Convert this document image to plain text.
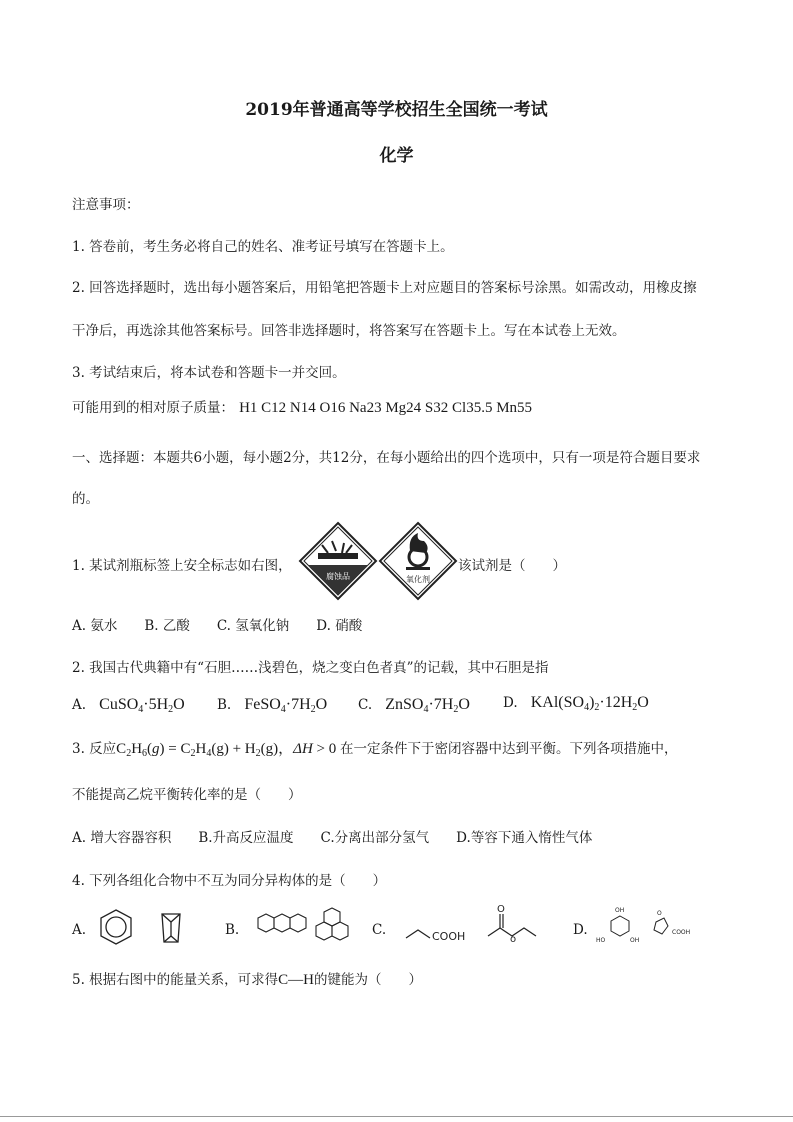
2019年普通高等学校招生全国统一考试
化学
注意事项：
1. 答卷前，考生务必将自己的姓名、准考证号填写在答题卡上。
2. 回答选择题时，选出每小题答案后，用铅笔把答题卡上对应题目的答案标号涂黑。如需改动，用橡皮擦
干净后，再选涂其他答案标号。回答非选择题时，将答案写在答题卡上。写在本试卷上无效。
3. 考试结束后，将本试卷和答题卡一并交回。
可能用到的相对原子质量： H1 C12 N14 O16 Na23 Mg24 S32 Cl35.5 Mn55
一、选择题：本题共6小题，每小题2分，共12分，在每小题给出的四个选项中，只有一项是符合题目要求
的。
1. 某试剂瓶标签上安全标志如右图，
腐蚀品	氧化剂
该试剂是（　　）
A. 氨水　　B. 乙酸　　C. 氢氧化钠　　D. 硝酸
2. 我国古代典籍中有“石胆……浅碧色，烧之变白色者真”的记载，其中石胆是指
A. $CuSO_4\cdot 5H_2O$ B. $FeSO_4\cdot 7H_2O$ C. $ZnSO_4\cdot 7H_2O$ D. $KAl(SO_4)_2\cdot 12H_2O$
3. 反应$C_2H_6(g) = C_2H_4(g) + H_2(g)$，ΔH > 0 在一定条件下于密闭容器中达到平衡。下列各项措施中，
不能提高乙烷平衡转化率的是（　　）
A. 增大容器容积　　B.升高反应温度　　C.分离出部分氢气　　D.等容下通入惰性气体
4. 下列各组化合物中不互为同分异构体的是（　　）
A.	B.	C.	COOH
O
o
D.
OH
HO	OH
O
COOH
5. 根据右图中的能量关系，可求得C—H的键能为（　　）
